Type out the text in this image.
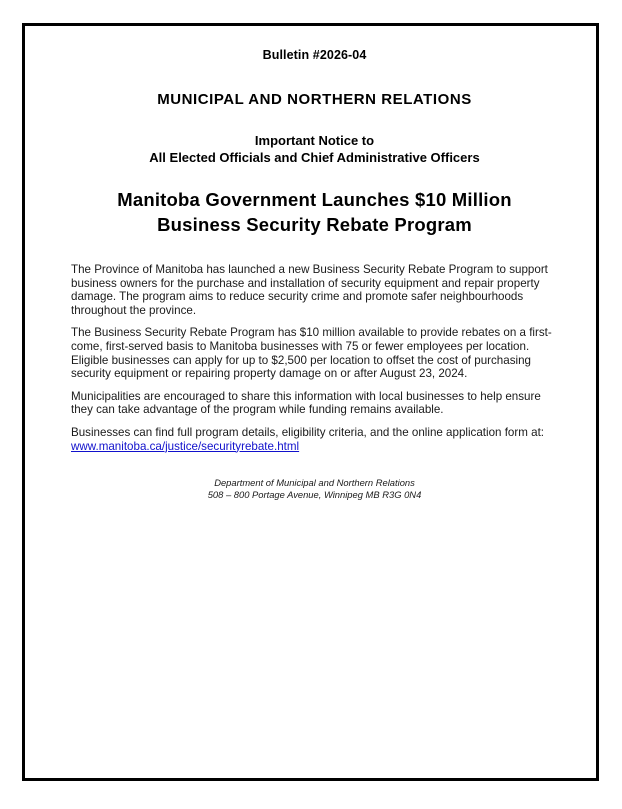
Bulletin #2026-04
MUNICIPAL AND NORTHERN RELATIONS
Important Notice to
All Elected Officials and Chief Administrative Officers
Manitoba Government Launches $10 Million
Business Security Rebate Program

The Province of Manitoba has launched a new Business Security Rebate Program to support business owners for the purchase and installation of security equipment and repair property damage. The program aims to reduce security crime and promote safer neighbourhoods throughout the province.

The Business Security Rebate Program has $10 million available to provide rebates on a first-come, first-served basis to Manitoba businesses with 75 or fewer employees per location. Eligible businesses can apply for up to $2,500 per location to offset the cost of purchasing security equipment or repairing property damage on or after August 23, 2024.

Municipalities are encouraged to share this information with local businesses to help ensure they can take advantage of the program while funding remains available.

Businesses can find full program details, eligibility criteria, and the online application form at:
www.manitoba.ca/justice/securityrebate.html

Department of Municipal and Northern Relations
508 – 800 Portage Avenue, Winnipeg MB R3G 0N4
